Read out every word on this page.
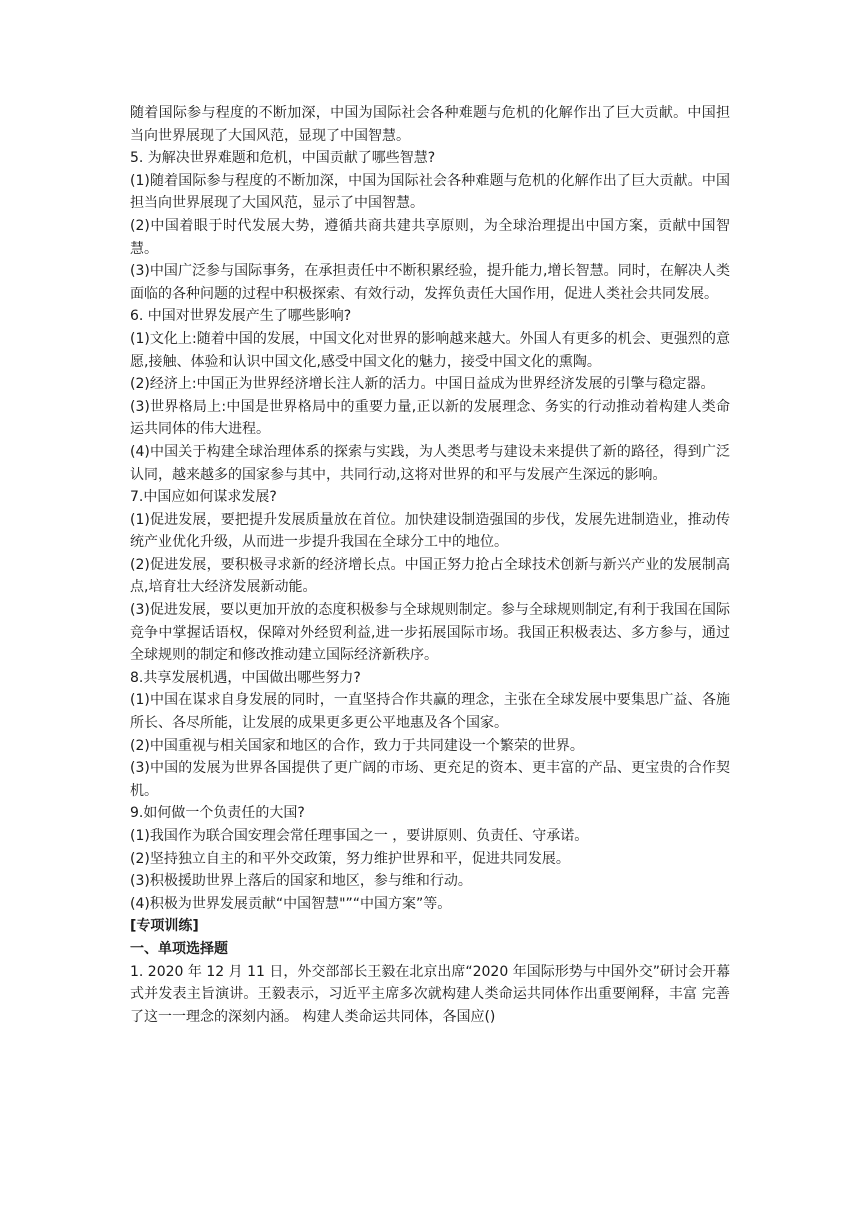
随着国际参与程度的不断加深，中国为国际社会各种难题与危机的化解作出了巨大贡献。中国担当向世界展现了大国风范，显现了中国智慧。

5. 为解决世界难题和危机，中国贡献了哪些智慧?

(1)随着国际参与程度的不断加深，中国为国际社会各种难题与危机的化解作出了巨大贡献。中国担当向世界展现了大国风范，显示了中国智慧。

(2)中国着眼于时代发展大势，遵循共商共建共享原则，为全球治理提出中国方案，贡献中国智慧。

(3)中国广泛参与国际事务，在承担责任中不断积累经验，提升能力,增长智慧。同时，在解决人类面临的各种问题的过程中积极探索、有效行动，发挥负责任大国作用，促进人类社会共同发展。

6. 中国对世界发展产生了哪些影响?

(1)文化上:随着中国的发展，中国文化对世界的影响越来越大。外国人有更多的机会、更强烈的意愿,接触、体验和认识中国文化,感受中国文化的魅力，接受中国文化的熏陶。

(2)经济上:中国正为世界经济增长注人新的活力。中国日益成为世界经济发展的引擎与稳定器。

(3)世界格局上:中国是世界格局中的重要力量,正以新的发展理念、务实的行动推动着构建人类命运共同体的伟大进程。

(4)中国关于构建全球治理体系的探索与实践，为人类思考与建设未来提供了新的路径，得到广泛认同，越来越多的国家参与其中，共同行动,这将对世界的和平与发展产生深远的影响。

7.中国应如何谋求发展?

(1)促进发展，要把提升发展质量放在首位。加快建设制造强国的步伐，发展先进制造业，推动传统产业优化升级，从而进一步提升我国在全球分工中的地位。

(2)促进发展，要积极寻求新的经济增长点。中国正努力抢占全球技术创新与新兴产业的发展制高点,培育壮大经济发展新动能。

(3)促进发展，要以更加开放的态度积极参与全球规则制定。参与全球规则制定,有利于我国在国际竞争中掌握话语权，保障对外经贸利益,进一步拓展国际市场。我国正积极表达、多方参与，通过全球规则的制定和修改推动建立国际经济新秩序。

8.共享发展机遇，中国做出哪些努力?

(1)中国在谋求自身发展的同时，一直坚持合作共赢的理念，主张在全球发展中要集思广益、各施所长、各尽所能，让发展的成果更多更公平地惠及各个国家。

(2)中国重视与相关国家和地区的合作，致力于共同建设一个繁荣的世界。

(3)中国的发展为世界各国提供了更广阔的市场、更充足的资本、更丰富的产品、更宝贵的合作契机。

9.如何做一个负责任的大国?

(1)我国作为联合国安理会常任理事国之一 ，要讲原则、负责任、守承诺。

(2)坚持独立自主的和平外交政策，努力维护世界和平，促进共同发展。

(3)积极援助世界上落后的国家和地区，参与维和行动。

(4)积极为世界发展贡献“中国智慧"”“中国方案”等。

[专项训练]

一、单项选择题

1. 2020 年 12 月 11 日，外交部部长王毅在北京出席“2020 年国际形势与中国外交”研讨会开幕式并发表主旨演讲。王毅表示，习近平主席多次就构建人类命运共同体作出重要阐释，丰富 完善了这一一理念的深刻内涵。 构建人类命运共同体，各国应()
